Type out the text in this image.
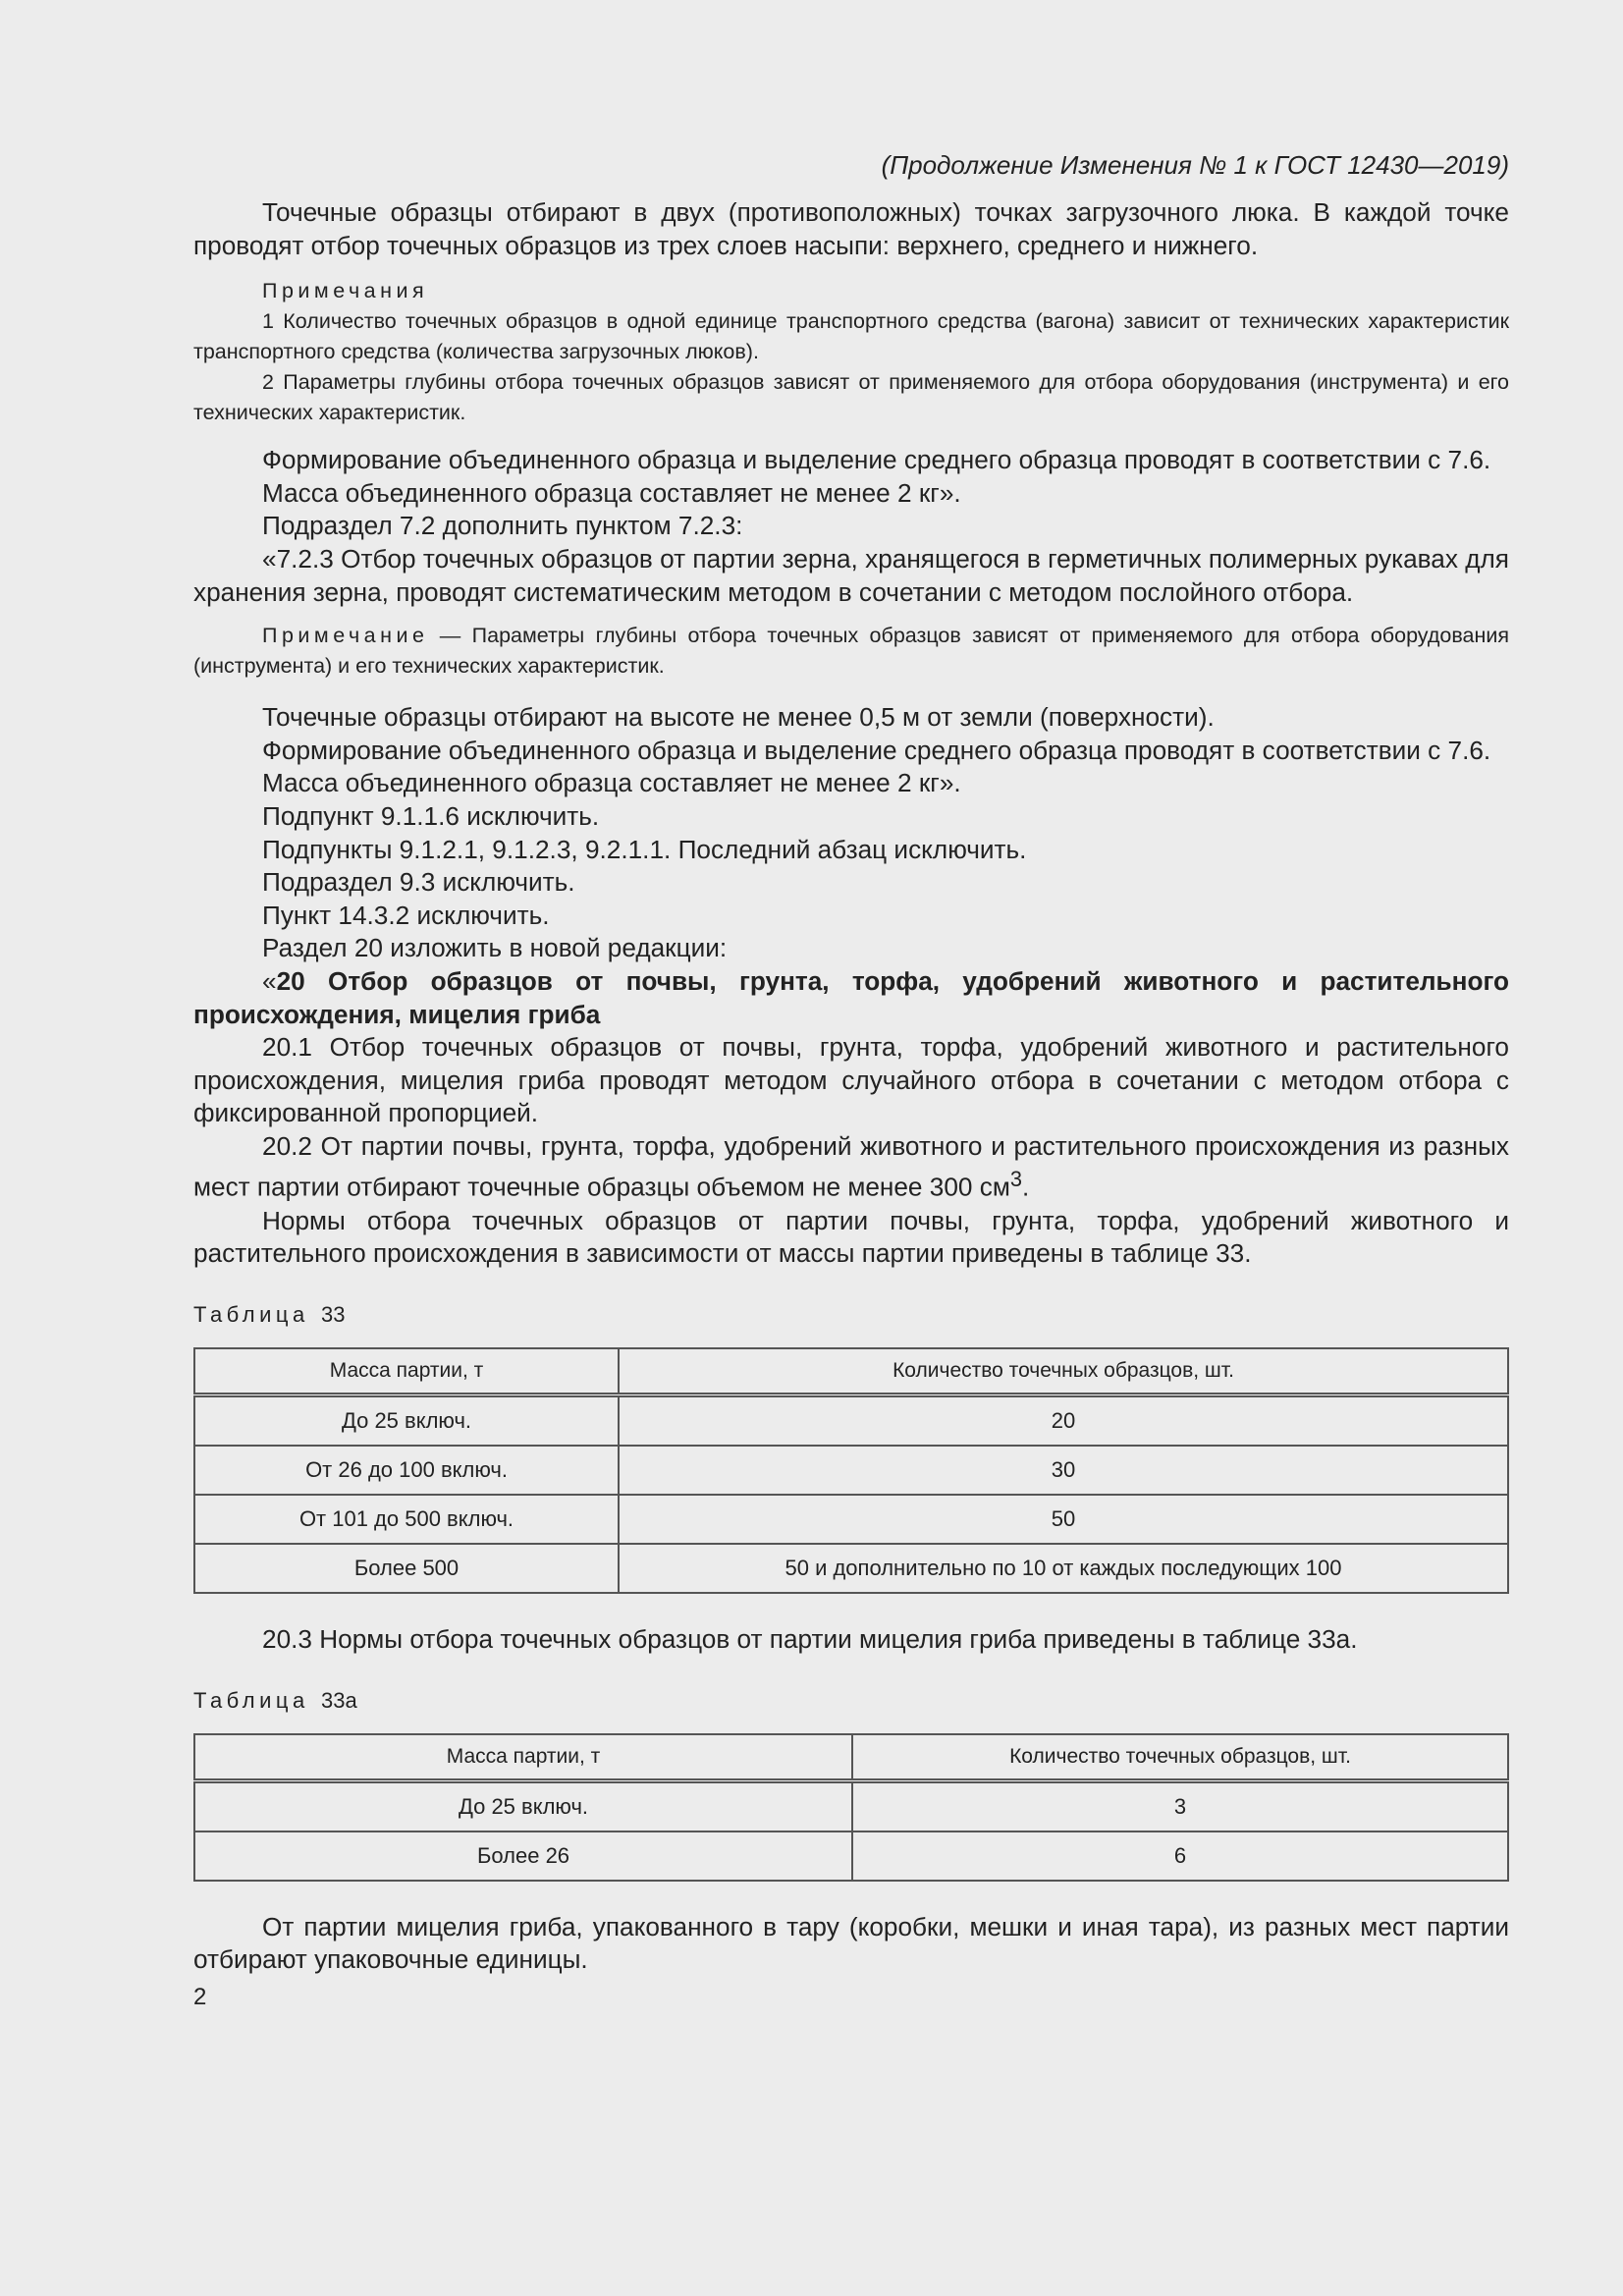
(Продолжение Изменения № 1 к ГОСТ 12430—2019)

Точечные образцы отбирают в двух (противоположных) точках загрузочного люка. В каждой точке проводят отбор точечных образцов из трех слоев насыпи: верхнего, среднего и нижнего.

Примечания

1 Количество точечных образцов в одной единице транспортного средства (вагона) зависит от технических характеристик транспортного средства (количества загрузочных люков).

2 Параметры глубины отбора точечных образцов зависят от применяемого для отбора оборудования (инструмента) и его технических характеристик.

Формирование объединенного образца и выделение среднего образца проводят в соответствии с 7.6.

Масса объединенного образца составляет не менее 2 кг».

Подраздел 7.2 дополнить пунктом 7.2.3:

«7.2.3 Отбор точечных образцов от партии зерна, хранящегося в герметичных полимерных рукавах для хранения зерна, проводят систематическим методом в сочетании с методом послойного отбора.

Примечание — Параметры глубины отбора точечных образцов зависят от применяемого для отбора оборудования (инструмента) и его технических характеристик.

Точечные образцы отбирают на высоте не менее 0,5 м от земли (поверхности).

Формирование объединенного образца и выделение среднего образца проводят в соответствии с 7.6.

Масса объединенного образца составляет не менее 2 кг».

Подпункт 9.1.1.6 исключить.

Подпункты 9.1.2.1, 9.1.2.3, 9.2.1.1. Последний абзац исключить.

Подраздел 9.3 исключить.

Пункт 14.3.2 исключить.

Раздел 20 изложить в новой редакции:

«20 Отбор образцов от почвы, грунта, торфа, удобрений животного и растительного происхождения, мицелия гриба

20.1 Отбор точечных образцов от почвы, грунта, торфа, удобрений животного и растительного происхождения, мицелия гриба проводят методом случайного отбора в сочетании с методом отбора с фиксированной пропорцией.

20.2 От партии почвы, грунта, торфа, удобрений животного и растительного происхождения из разных мест партии отбирают точечные образцы объемом не менее 300 $см^3$.

Нормы отбора точечных образцов от партии почвы, грунта, торфа, удобрений животного и растительного происхождения в зависимости от массы партии приведены в таблице 33.

Таблица 33
Масса партии, т	Количество точечных образцов, шт.
До 25 включ.	20
От 26 до 100 включ.	30
От 101 до 500 включ.	50
Более 500	50 и дополнительно по 10 от каждых последующих 100

20.3 Нормы отбора точечных образцов от партии мицелия гриба приведены в таблице 33а.

Таблица 33а
Масса партии, т	Количество точечных образцов, шт.
До 25 включ.	3
Более 26	6

От партии мицелия гриба, упакованного в тару (коробки, мешки и иная тара), из разных мест партии отбирают упаковочные единицы.

2
